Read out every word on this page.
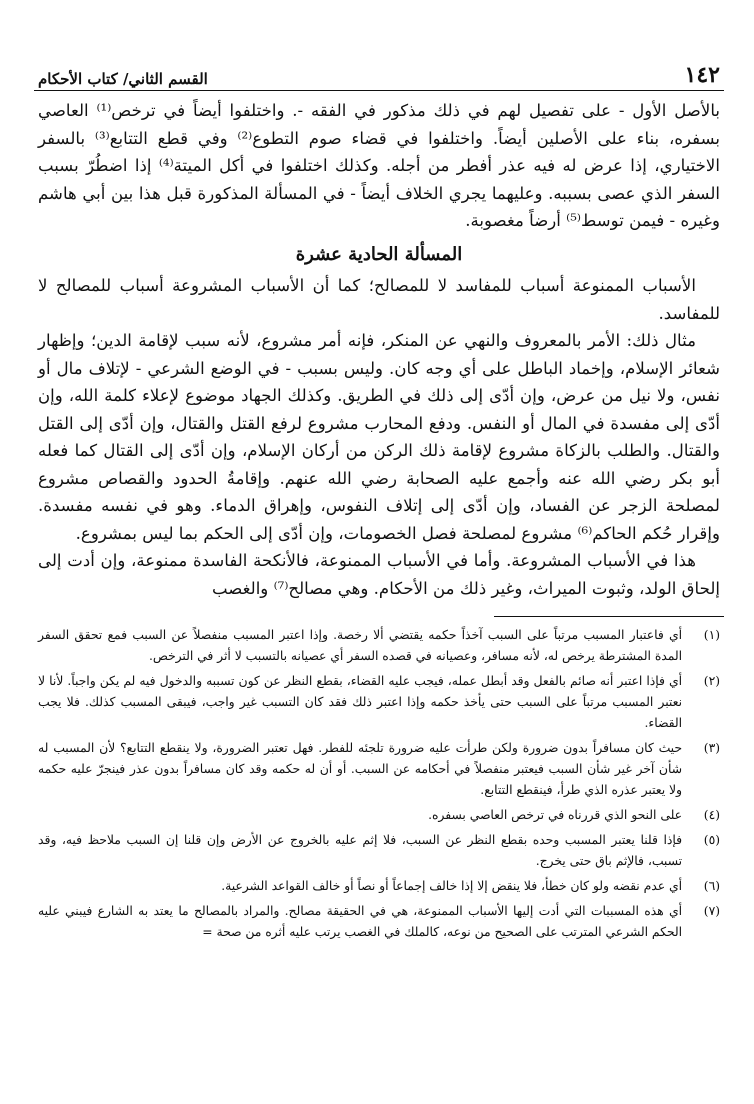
١٤٢
القسم الثاني/ كتاب الأحكام

بالأصل الأول - على تفصيل لهم في ذلك مذكور في الفقه -. واختلفوا أيضاً في ترخص⁽¹⁾ العاصي بسفره، بناء على الأصلين أيضاً. واختلفوا في قضاء صوم التطوع⁽²⁾ وفي قطع التتابع⁽³⁾ بالسفر الاختياري، إذا عرض له فيه عذر أفطر من أجله. وكذلك اختلفوا في أكل الميتة⁽⁴⁾ إذا اضطُرّ بسبب السفر الذي عصى بسببه. وعليهما يجري الخلاف أيضاً - في المسألة المذكورة قبل هذا بين أبي هاشم وغيره - فيمن توسط⁽⁵⁾ أرضاً مغصوبة.

المسألة الحادية عشرة

الأسباب الممنوعة أسباب للمفاسد لا للمصالح؛ كما أن الأسباب المشروعة أسباب للمصالح لا للمفاسد.

مثال ذلك: الأمر بالمعروف والنهي عن المنكر، فإنه أمر مشروع، لأنه سبب لإقامة الدين؛ وإظهار شعائر الإسلام، وإخماد الباطل على أي وجه كان. وليس بسبب - في الوضع الشرعي - لإتلاف مال أو نفس، ولا نيل من عرض، وإن أدّى إلى ذلك في الطريق. وكذلك الجهاد موضوع لإعلاء كلمة الله، وإن أدّى إلى مفسدة في المال أو النفس. ودفع المحارب مشروع لرفع القتل والقتال، وإن أدّى إلى القتل والقتال. والطلب بالزكاة مشروع لإقامة ذلك الركن من أركان الإسلام، وإن أدّى إلى القتال كما فعله أبو بكر رضي الله عنه وأجمع عليه الصحابة رضي الله عنهم. وإقامةُ الحدود والقصاص مشروع لمصلحة الزجر عن الفساد، وإن أدّى إلى إتلاف النفوس، وإهراق الدماء. وهو في نفسه مفسدة. وإقرار حُكم الحاكم⁽⁶⁾ مشروع لمصلحة فصل الخصومات، وإن أدّى إلى الحكم بما ليس بمشروع.

هذا في الأسباب المشروعة. وأما في الأسباب الممنوعة، فالأنكحة الفاسدة ممنوعة، وإن أدت إلى إلحاق الولد، وثبوت الميراث، وغير ذلك من الأحكام. وهي مصالح⁽⁷⁾ والغصب

(١)
أي فاعتبار المسبب مرتباً على السبب آخذاً حكمه يقتضي ألا رخصة. وإذا اعتبر المسبب منفصلاً عن السبب فمع تحقق السفر المدة المشترطة يرخص له، لأنه مسافر، وعصيانه في قصده السفر أي عصيانه بالتسبب لا أثر في الترخص.
(٢)
أي فإذا اعتبر أنه صائم بالفعل وقد أبطل عمله، فيجب عليه القضاء، بقطع النظر عن كون تسببه والدخول فيه لم يكن واجباً. لأنا لا نعتبر المسبب مرتباً على السبب حتى يأخذ حكمه وإذا اعتبر ذلك فقد كان التسبب غير واجب، فيبقى المسبب كذلك. فلا يجب القضاء.
(٣)
حيث كان مسافراً بدون ضرورة ولكن طرأت عليه ضرورة تلجئه للفطر. فهل تعتبر الضرورة، ولا ينقطع التتابع؟ لأن المسبب له شأن آخر غير شأن السبب فيعتبر منفصلاً في أحكامه عن السبب. أو أن له حكمه وقد كان مسافراً بدون عذر فينجرّ عليه حكمه ولا يعتبر عذره الذي طرأ، فينقطع التتابع.
(٤)
على النحو الذي قررناه في ترخص العاصي بسفره.
(٥)
فإذا قلنا يعتبر المسبب وحده بقطع النظر عن السبب، فلا إثم عليه بالخروج عن الأرض وإن قلنا إن السبب ملاحظ فيه، وقد تسبب، فالإثم باق حتى يخرج.
(٦)
أي عدم نقضه ولو كان خطأ، فلا ينقض إلا إذا خالف إجماعاً أو نصاً أو خالف القواعد الشرعية.
(٧)
أي هذه المسببات التي أدت إليها الأسباب الممنوعة، هي في الحقيقة مصالح. والمراد بالمصالح ما يعتد به الشارع فيبني عليه الحكم الشرعي المترتب على الصحيح من نوعه، كالملك في الغصب يرتب عليه أثره من صحة =
